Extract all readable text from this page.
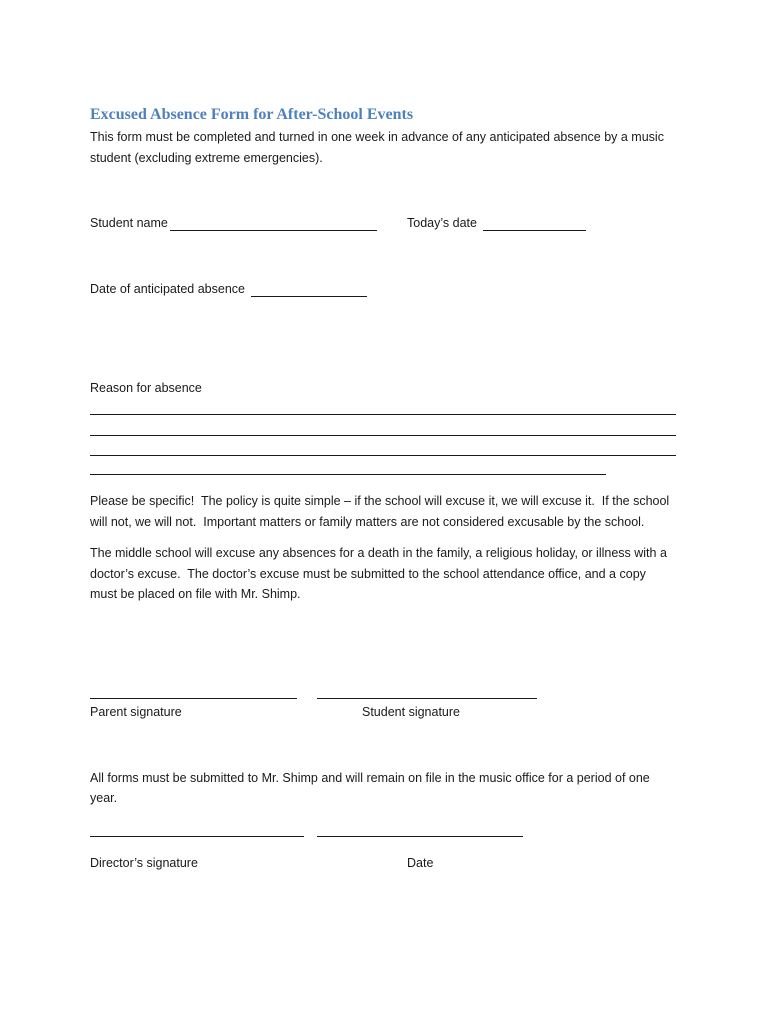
Excused Absence Form for After-School Events
This form must be completed and turned in one week in advance of any anticipated absence by a music
student (excluding extreme emergencies).
Student name	Today’s date
Date of anticipated absence
Reason for absence
Please be specific!  The policy is quite simple – if the school will excuse it, we will excuse it.  If the school
will not, we will not.  Important matters or family matters are not considered excusable by the school.
The middle school will excuse any absences for a death in the family, a religious holiday, or illness with a
doctor’s excuse.  The doctor’s excuse must be submitted to the school attendance office, and a copy
must be placed on file with Mr. Shimp.
Parent signature	Student signature
All forms must be submitted to Mr. Shimp and will remain on file in the music office for a period of one
year.
Director’s signature	Date
